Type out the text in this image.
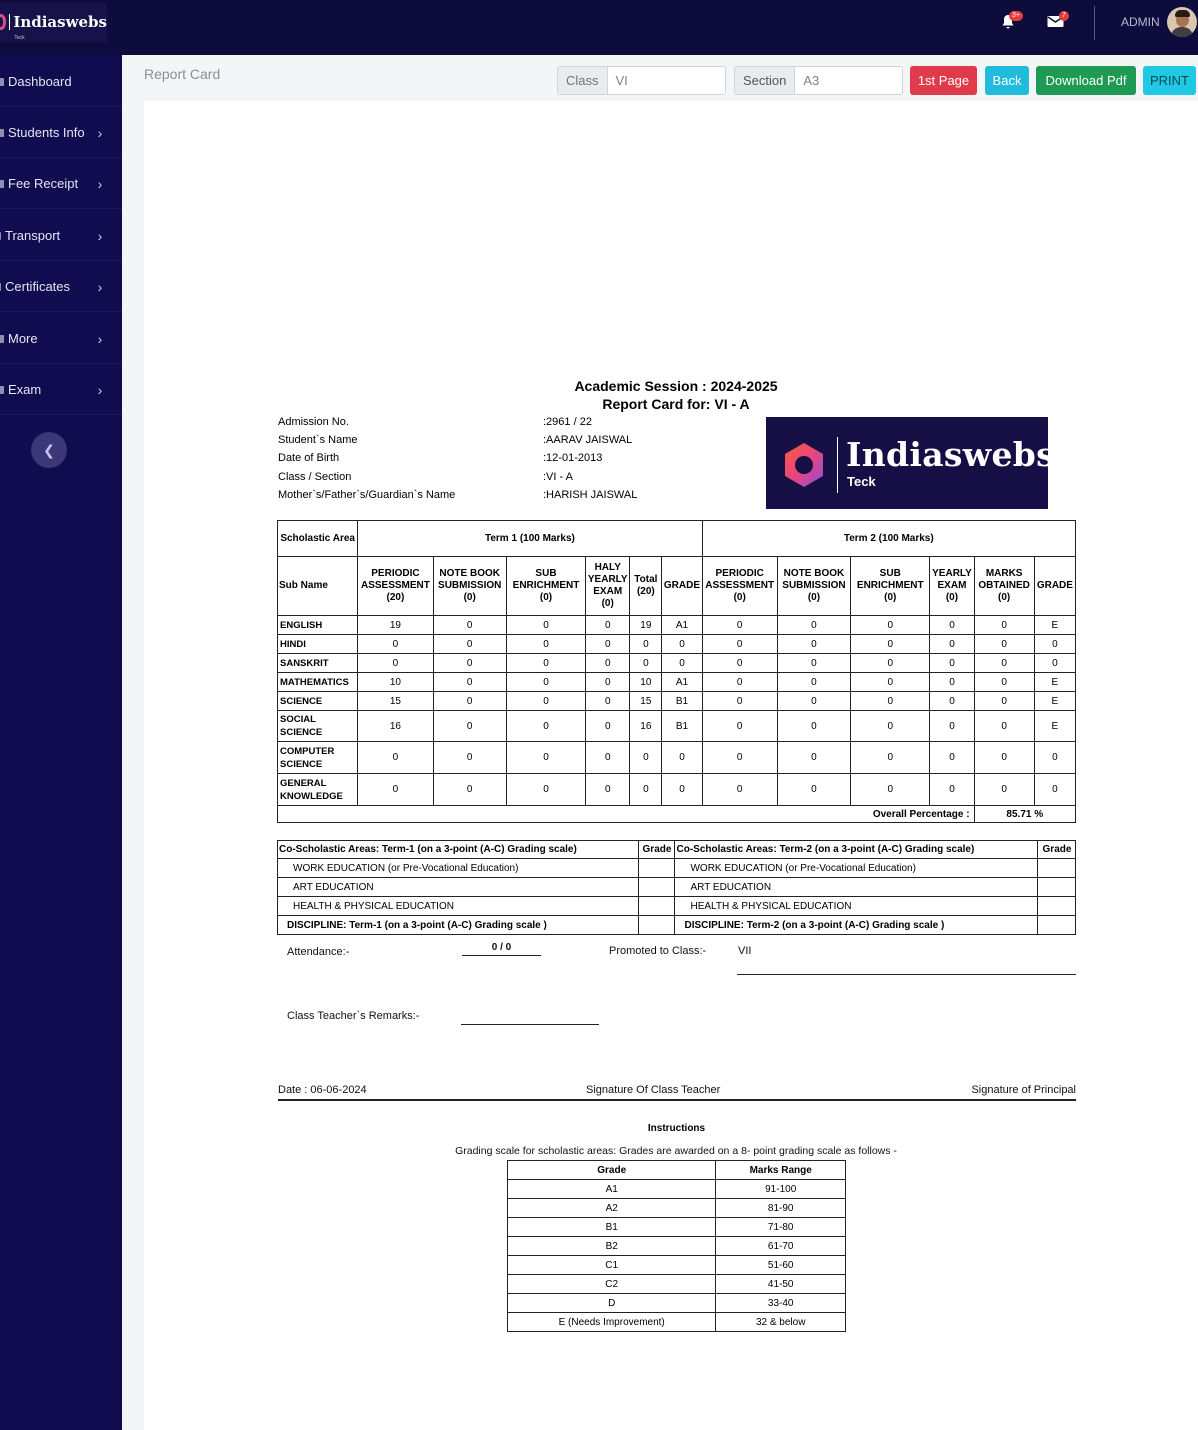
Indiaswebs
Teck
3+	7	ADMIN
Dashboard
Students Info ›
Fee Receipt	›
Transport	›
Certificates	›
More	›
Exam	›
❮
Report Card	Class	VI	Section	A3	1st Page	Back	Download Pdf	PRINT
Academic Session : 2024-2025
Report Card for: VI - A
Admission No.	:2961 / 22
Student`s Name	:AARAV JAISWAL
Date of Birth	:12-01-2013
Class / Section	:VI - A
Mother`s/Father`s/Guardian`s Name	:HARISH JAISWAL
Indiaswebs
Teck
Scholastic Area	Term 1 (100 Marks)						Term 2 (100 Marks)					
Sub Name	PERIODIC ASSESSMENT (20)	NOTE BOOK SUBMISSION (0)	SUB ENRICHMENT (0)	HALY YEARLY EXAM (0)	Total (20)	GRADE	PERIODIC ASSESSMENT (0)	NOTE BOOK SUBMISSION (0)	SUB ENRICHMENT (0)	YEARLY EXAM (0)	MARKS OBTAINED (0)	GRADE
ENGLISH	19	0	0	0	19	A1	0	0	0	0	0	E
HINDI	0	0	0	0	0	0	0	0	0	0	0	0
SANSKRIT	0	0	0	0	0	0	0	0	0	0	0	0
MATHEMATICS	10	0	0	0	10	A1	0	0	0	0	0	E
SCIENCE	15	0	0	0	15	B1	0	0	0	0	0	E
SOCIAL SCIENCE	16	0	0	0	16	B1	0	0	0	0	0	E
COMPUTER SCIENCE	0	0	0	0	0	0	0	0	0	0	0	0
GENERAL KNOWLEDGE	0	0	0	0	0	0	0	0	0	0	0	0
Overall Percentage :											85.71 %	
Co-Scholastic Areas: Term-1 (on a 3-point (A-C) Grading scale)	Grade	Co-Scholastic Areas: Term-2 (on a 3-point (A-C) Grading scale)	Grade
WORK EDUCATION (or Pre-Vocational Education)		WORK EDUCATION (or Pre-Vocational Education)	
ART EDUCATION		ART EDUCATION	
HEALTH & PHYSICAL EDUCATION		HEALTH & PHYSICAL EDUCATION	
DISCIPLINE: Term-1 (on a 3-point (A-C) Grading scale )		DISCIPLINE: Term-2 (on a 3-point (A-C) Grading scale )	
Attendance:-	0 / 0	Promoted to Class:-	VII
Class Teacher`s Remarks:-
Date : 06-06-2024	Signature Of Class Teacher	Signature of Principal
Instructions
Grading scale for scholastic areas: Grades are awarded on a 8- point grading scale as follows -
Grade	Marks Range
A1	91-100
A2	81-90
B1	71-80
B2	61-70
C1	51-60
C2	41-50
D	33-40
E (Needs Improvement)	32 & below
